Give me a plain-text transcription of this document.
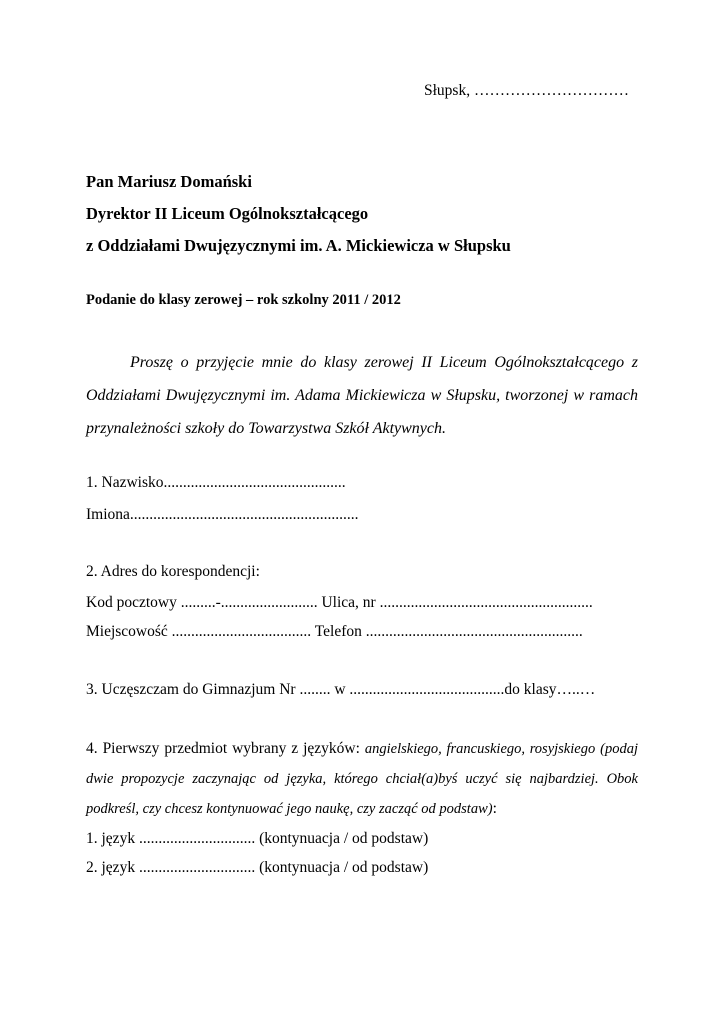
Słupsk, …………………………
Pan Mariusz Domański
Dyrektor II Liceum Ogólnokształcącego
z Oddziałami Dwujęzycznymi im. A. Mickiewicza w Słupsku
Podanie do klasy zerowej – rok szkolny 2011 / 2012

Proszę o przyjęcie mnie do klasy zerowej II Liceum Ogólnokształcącego z Oddziałami Dwujęzycznymi im. Adama Mickiewicza w Słupsku, tworzonej w ramach przynależności szkoły do Towarzystwa Szkół Aktywnych.

1. Nazwisko...............................................
Imiona...........................................................
2. Adres do korespondencji:
Kod pocztowy .........-......................... Ulica, nr .......................................................
Miejscowość .................................... Telefon ........................................................
3. Uczęszczam do Gimnazjum Nr ........ w ........................................do klasy…..…

4. Pierwszy przedmiot wybrany z języków: angielskiego, francuskiego, rosyjskiego (podaj dwie propozycje zaczynając od języka, którego chciał(a)byś uczyć się najbardziej. Obok podkreśl, czy chcesz kontynuować jego naukę, czy zacząć od podstaw):

1. język .............................. (kontynuacja / od podstaw)
2. język .............................. (kontynuacja / od podstaw)
